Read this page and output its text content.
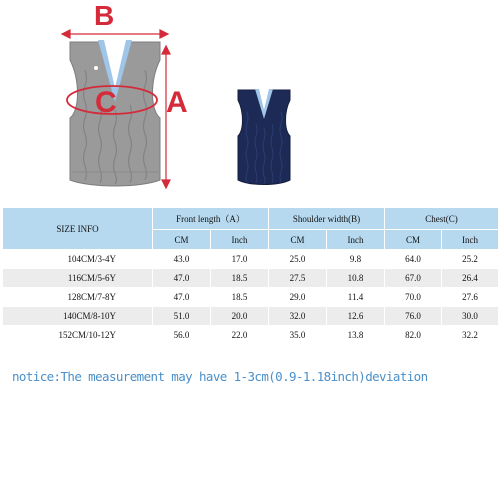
B
A
C
SIZE INFO	Front length（A）		Shoulder width(B)		Chest(C)	
	CM	Inch	CM	Inch	CM	Inch
104CM/3-4Y	43.0	17.0	25.0	9.8	64.0	25.2
116CM/5-6Y	47.0	18.5	27.5	10.8	67.0	26.4
128CM/7-8Y	47.0	18.5	29.0	11.4	70.0	27.6
140CM/8-10Y	51.0	20.0	32.0	12.6	76.0	30.0
152CM/10-12Y	56.0	22.0	35.0	13.8	82.0	32.2
notice:The measurement may have 1-3cm(0.9-1.18inch)deviation
